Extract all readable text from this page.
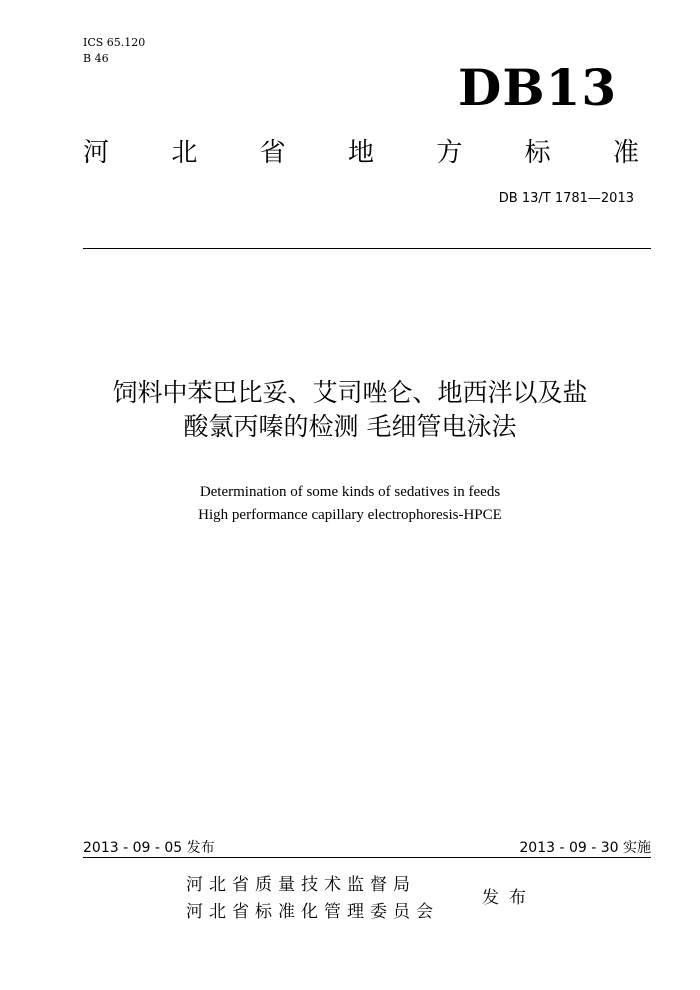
ICS 65.120
B 46	DB13
河 北 省 地 方 标 准
DB 13/T 1781—2013
饲料中苯巴比妥、艾司唑仑、地西泮以及盐
酸氯丙嗪的检测 毛细管电泳法
Determination of some kinds of sedatives in feeds
High performance capillary electrophoresis-HPCE
2013 - 09 - 05 发布	2013 - 09 - 30 实施
河北省质量技术监督局
河北省标准化管理委员会
发布
